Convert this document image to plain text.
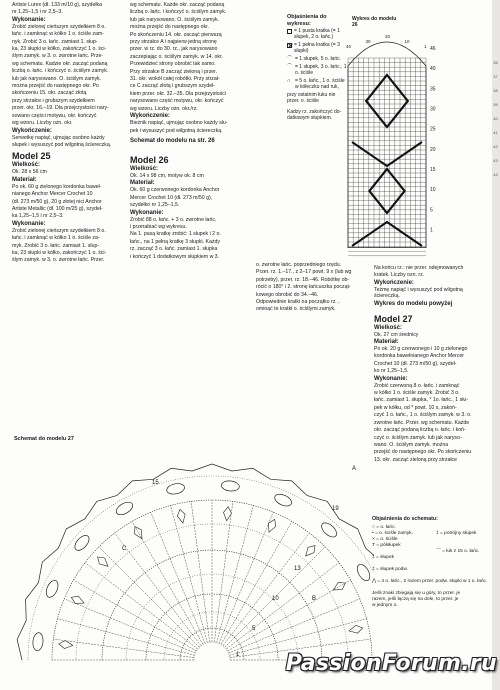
Artiste Lurex (dł. 133 m/10 g), szydełka

nr 1,25–1,5 i nr 2,5–3.

Wykonanie:

Zrobić zielonej cieńszym szydełkiem 8 o.

łańc. i zamknąć w kółko 1 o. ściśle zam-

nyk. Zrobić 3 o. łańc. zamiast 1. słup-

ka, 23 słupki w kółko, zakończyć 1 o. ści-

ślym zamyk. w 3. o. zwrotne łańc. Prze-

wg schematu. Kadzie okr. zacząć podaną

liczbą o. łańc. i kończyć o. ściślym zamyk.

lub jak narysowano. O. ściślym zamyk.

można przejść do następnego okr. Po

skończeniu 15. okr. zacząć złotą

przy strzałce i grubszym szydełkiem

przer. okr. 16.–19. Dla przejrzystości nary-

sowano części motywu, okr. kończyć

wg wzoru. Liczby ozn. okr.

Wykończenie:

Serwetkę napiąć, ujmując osobno każdy

słupek i wysuszyć pod wilgotną ściereczką.

Model 25
Wielkość:

Ok. 28 x 56 cm

Materiał:

Po ok. 60 g zielonego kordonka baweł-

nianego Anchor Mercer Crochet 10

(dł. 273 m/50 g), 20 g złotej nici Anchor

Artiste Metallic (dł. 100 m/25 g), szydeł-

ka 1,25–1,5 i nr 2,5–3.

Wykonanie:

Zrobić zielonej cieńszym szydełkiem 8 o.

łańc. i zamknąć w kółko 1 o. ściśle za-

myk. Zrobić 3 o. łańc. zamiast 1. słup-

ka, 23 słupki w kółko, zakończyć 1 o. ści-

ślym zamyk. w 3. o. zwrotne łańc. Przer.

wg schematu. Każde okr. zacząć podaną

liczbą o. łańc. i kończyć o. ściślym zamyk.

lub jak narysowano. O. ściślym zamyk.

można przejść do następnego okr.

Po skończeniu 14. okr. zacząć pierwszą

przy strzałce A i najpierw jedną stronę

przer. w rz. do 30. rz., jak narysowano

zaczepiając o. ściślym zamyk. w 14. okr.

Przewidzieć strony obrobić tak samo.

Przy strzałce B zacząć zieloną i przer.

31. okr. wokół całej robótki. Przy strzał-

ce C zacząć złotą i grubszym szydeł-

kiem przer. okr. 32.–35. Dla przejrzystości

narysowano część motywu, okr. kończyć

wg wzoru. Liczby ozn. okr./rz.

Wykończenie:

Bieżnik napiąć, ujmując osobno każdy słu-

pek i wysuszyć pod wilgotną ściereczką.

Schemat do modelu na str. 26
Model 26
Wielkość:

Ok. 14 x 98 cm, motyw ok. 8 cm

Materiał:

Ok. 60 g czerwonego kordonka Anchor

Mercer Crochet 10 (dł. 273 m/50 g),

szydełko nr 1,25–1,5.

Wykonanie:

Zrobić 88 o. łańc. + 3 o. zwrotne łańc.

i przerabiać wg wykresu.

Na 1. pasą kratkę zrobić: 1 słupek i 2 o.

łańc., na 1 pełną kratkę 3 słupki. Każdy

rz. zacząć 3 o. łańc. zamiast 1. słupka

i kończyć 1 dodatkowym słupkiem w 3.

Objaśnienia do wykresu:
= 1 pusta kratka (= 1 słupek, 2 o. łańc.)
= 1 pełna kratka (= 3 słupki)
⌒ = 1 słupek, 5 o. łańc.
⌒ = 1 słupek, 3 o. łańc., 1 o. ściśle
∩ = 5 o. łańc., 1 o. ściśle w kółeczku nad ruk,

przy ostatnim łuku nie przer. o. ściśle

Kadzy rz. zakończyć do-

datkowym słupkiem.

Wykres do modelu 26
46
40
35
30
25
20
15
10
5
1
40
30
20
10
1

o. zwrotne łańc. poprzedniego rzędu.

Przer. rz. 1.–17., z 2–17 powt. 9 x (lub wg

potrzeby), przer. rz. 18.–46. Robótkę ob-

rócić o 180° i 2. stronę łańcuszka począt-

kowego obrobić do 34.–46.

Odpowiednie kratki na początku rz. ,

ominąć te kratki o. ściślymi zamyk.

Na końcu rz.: nie przer. odejmowanych

kratek. Liczby ozn. rz.

Wykończenie:

Teżmę napiąć i wysuszyć pod wilgotną ściereczką.

Wykres do modelu powyżej
Model 27
Wielkość:

Ok. 27 cm średnicy

Materiał:

Po ok. 20 g czerwonego i 10 g zielonego

kordonka bawełnianego Anchor Mercer

Crochet 10 (dł. 273 m/50 g), szydeł-

ko nr 1,25–1,5.

Wykonanie:

Zrobić czerwoną 8 o. łańc. i zamknąć

w kółko 1 o. ściśle zamyk. Zrobić 3 o.

łańc. zamiast 1. słupka, * 1o. łańc., 1 słu-

pek w kółku, od * powt. 10 x, zakoń-

czyć 1 o. łańc., 1 o. ściślym zamyk. w 3. o.

zwrotne łańc. Przer. wg schematu. Każde

okr. zacząć podaną liczbą o. łańc. i koń-

czyć o. ściślym zamyk. lub jak naryso-

wano. O. ściślym zamyk. można

przejść do następnego okr. Po skończeniu

13. okr. zacząć zieloną przy strzałce

Schemat do modelu 27
1
5
10
13
15
19
C
A
B
Objaśnienia do schematu:
○ = o. łańc.
• = o. ściśle zamyk.
× = o. ściśle
T = półsłupek
‡ = słupek
‡ = słupek podw.
‡ = potrójny słupek
⌒ = łuk z 15 o. łańc.
⋀ = 4 o. łańc., 2 razem przer. podw. słupki w 1 o. łańc.

Jeśli znaki zbiegają się u góry, to przer. je

razem, jeśli łączą się na dole, to przer. je

w jednym o.

36
37
38
39
40
41
42
43
44
PassionForum.ru
